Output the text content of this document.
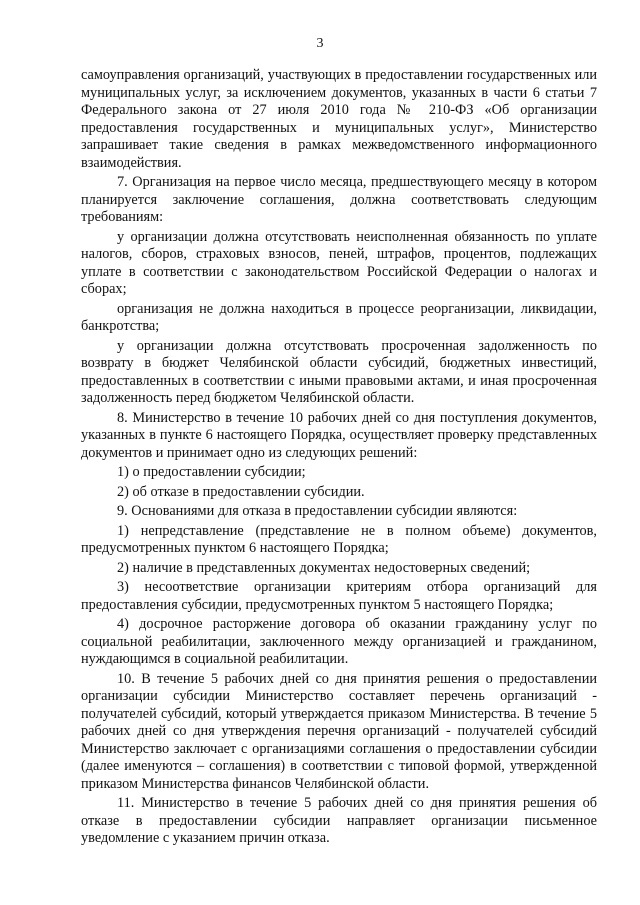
3

самоуправления организаций, участвующих в предоставлении государственных или муниципальных услуг, за исключением документов, указанных в части 6 статьи 7 Федерального закона от 27 июля 2010 года № 210-ФЗ «Об организации предоставления государственных и муниципальных услуг», Министерство запрашивает такие сведения в рамках межведомственного информационного взаимодействия.

7. Организация на первое число месяца, предшествующего месяцу в котором планируется заключение соглашения, должна соответствовать следующим требованиям:

у организации должна отсутствовать неисполненная обязанность по уплате налогов, сборов, страховых взносов, пеней, штрафов, процентов, подлежащих уплате в соответствии с законодательством Российской Федерации о налогах и сборах;

организация не должна находиться в процессе реорганизации, ликвидации, банкротства;

у организации должна отсутствовать просроченная задолженность по возврату в бюджет Челябинской области субсидий, бюджетных инвестиций, предоставленных в соответствии с иными правовыми актами, и иная просроченная задолженность перед бюджетом Челябинской области.

8. Министерство в течение 10 рабочих дней со дня поступления документов, указанных в пункте 6 настоящего Порядка, осуществляет проверку представленных документов и принимает одно из следующих решений:

1) о предоставлении субсидии;

2) об отказе в предоставлении субсидии.

9. Основаниями для отказа в предоставлении субсидии являются:

1) непредставление (представление не в полном объеме) документов, предусмотренных пунктом 6 настоящего Порядка;

2) наличие в представленных документах недостоверных сведений;

3) несоответствие организации критериям отбора организаций для предоставления субсидии, предусмотренных пунктом 5 настоящего Порядка;

4) досрочное расторжение договора об оказании гражданину услуг по социальной реабилитации, заключенного между организацией и гражданином, нуждающимся в социальной реабилитации.

10. В течение 5 рабочих дней со дня принятия решения о предоставлении организации субсидии Министерство составляет перечень организаций - получателей субсидий, который утверждается приказом Министерства. В течение 5 рабочих дней со дня утверждения перечня организаций - получателей субсидий Министерство заключает с организациями соглашения о предоставлении субсидии (далее именуются – соглашения) в соответствии с типовой формой, утвержденной приказом Министерства финансов Челябинской области.

11. Министерство в течение 5 рабочих дней со дня принятия решения об отказе в предоставлении субсидии направляет организации письменное уведомление с указанием причин отказа.
